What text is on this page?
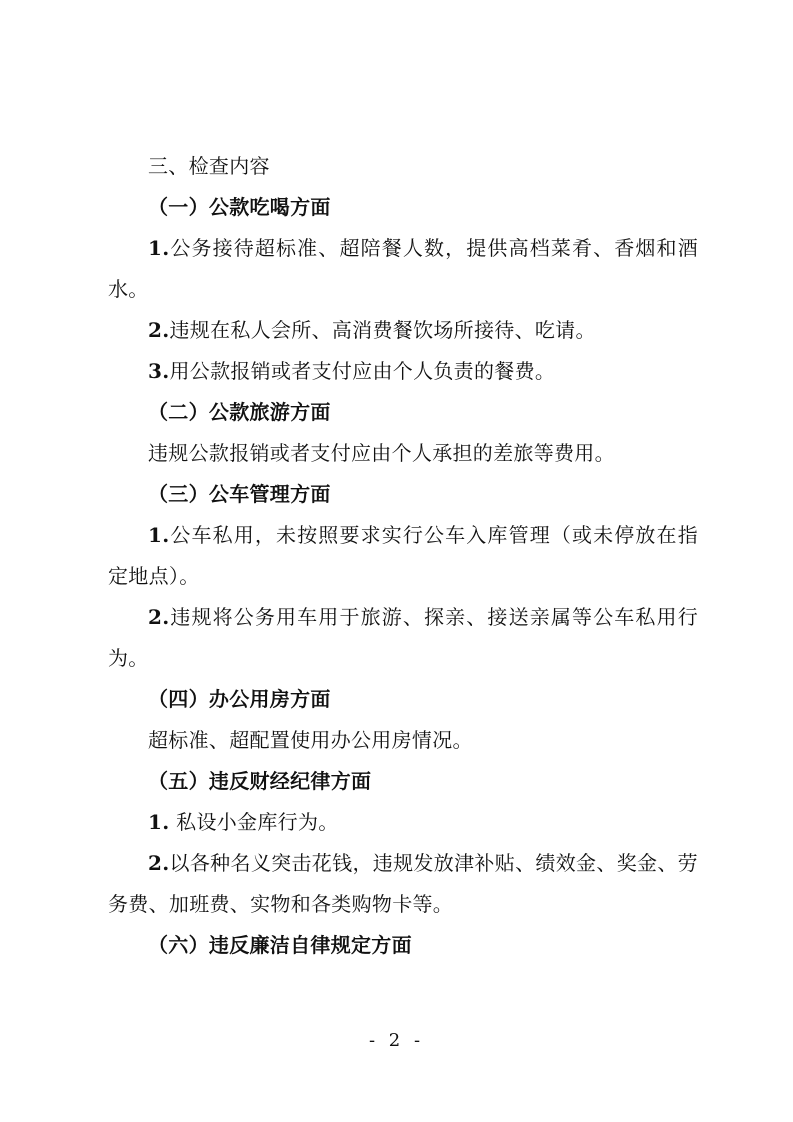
三、检查内容
（一）公款吃喝方面
1.公务接待超标准、超陪餐人数，提供高档菜肴、香烟和酒
水。
2.违规在私人会所、高消费餐饮场所接待、吃请。
3.用公款报销或者支付应由个人负责的餐费。
（二）公款旅游方面
违规公款报销或者支付应由个人承担的差旅等费用。
（三）公车管理方面
1.公车私用，未按照要求实行公车入库管理（或未停放在指
定地点）。
2.违规将公务用车用于旅游、探亲、接送亲属等公车私用行
为。
（四）办公用房方面
超标准、超配置使用办公用房情况。
（五）违反财经纪律方面
1. 私设小金库行为。
2.以各种名义突击花钱，违规发放津补贴、绩效金、奖金、劳
务费、加班费、实物和各类购物卡等。
（六）违反廉洁自律规定方面
- 2 -
